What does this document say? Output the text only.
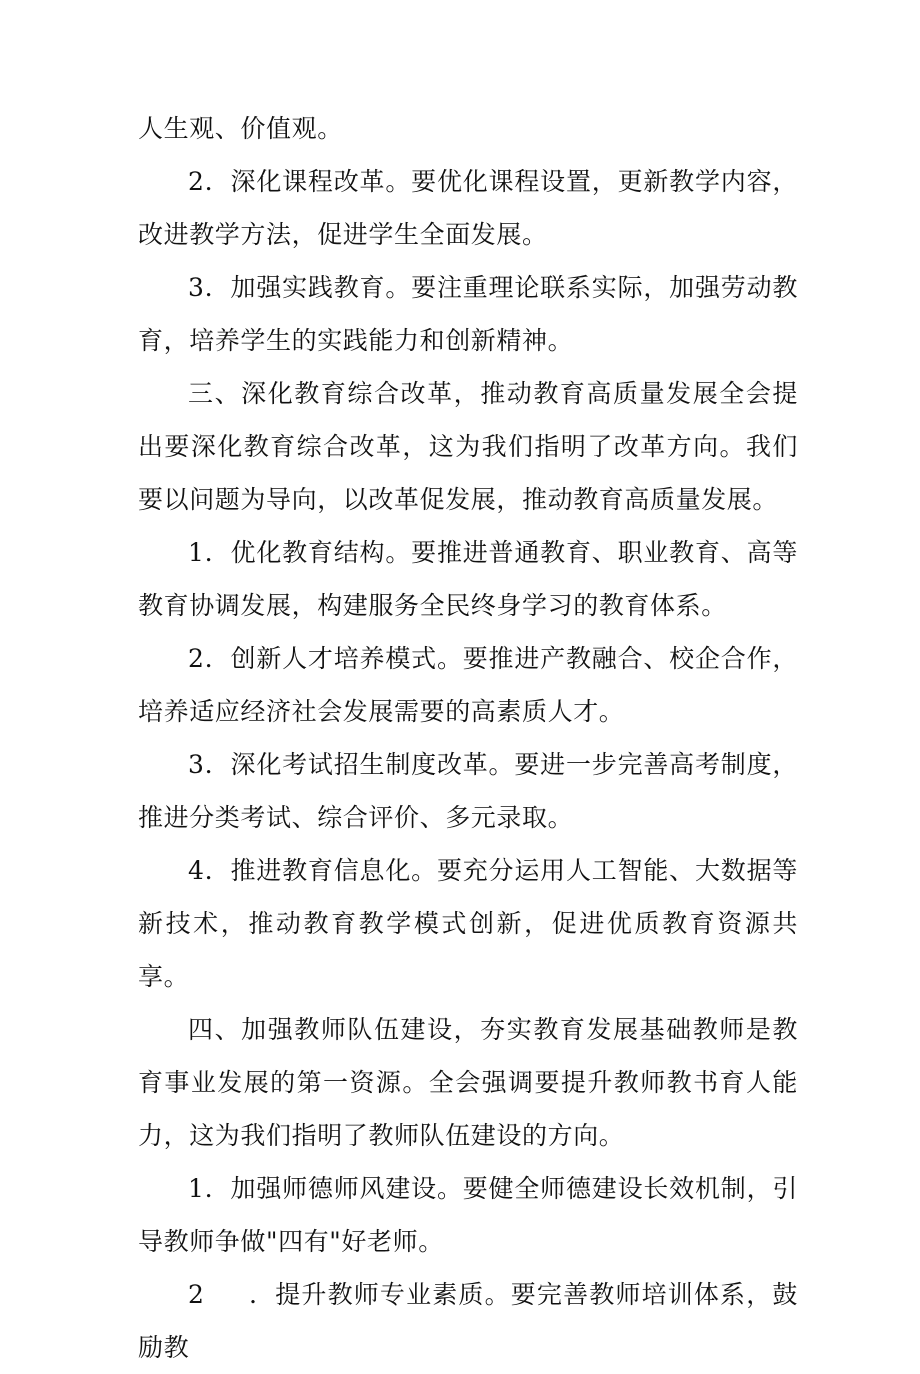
人生观、价值观。

2．深化课程改革。要优化课程设置，更新教学内容，改进教学方法，促进学生全面发展。

3．加强实践教育。要注重理论联系实际，加强劳动教育，培养学生的实践能力和创新精神。

三、深化教育综合改革，推动教育高质量发展全会提出要深化教育综合改革，这为我们指明了改革方向。我们要以问题为导向，以改革促发展，推动教育高质量发展。

1．优化教育结构。要推进普通教育、职业教育、高等教育协调发展，构建服务全民终身学习的教育体系。

2．创新人才培养模式。要推进产教融合、校企合作，培养适应经济社会发展需要的高素质人才。

3．深化考试招生制度改革。要进一步完善高考制度，推进分类考试、综合评价、多元录取。

4．推进教育信息化。要充分运用人工智能、大数据等新技术，推动教育教学模式创新，促进优质教育资源共享。

四、加强教师队伍建设，夯实教育发展基础教师是教育事业发展的第一资源。全会强调要提升教师教书育人能力，这为我们指明了教师队伍建设的方向。

1．加强师德师风建设。要健全师德建设长效机制，引导教师争做"四有"好老师。

2 ．提升教师专业素质。要完善教师培训体系，鼓励教
